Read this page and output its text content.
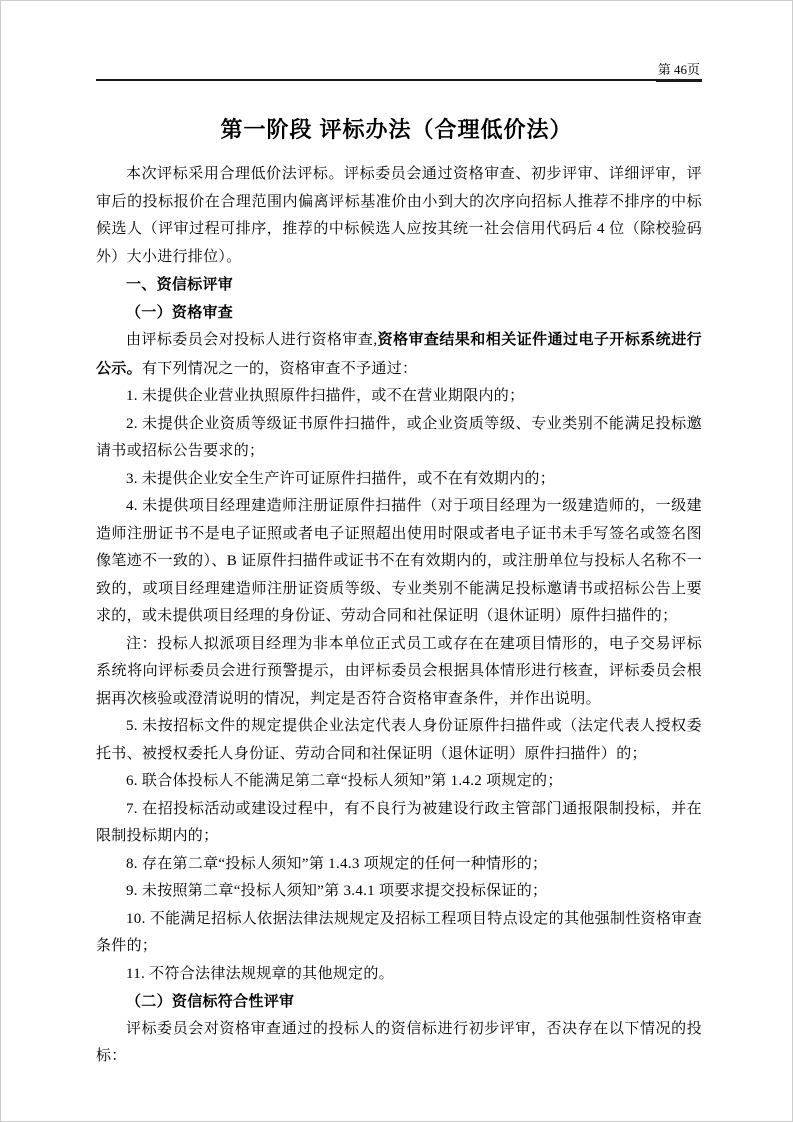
第 46页
第一阶段 评标办法（合理低价法）

本次评标采用合理低价法评标。评标委员会通过资格审查、初步评审、详细评审，评审后的投标报价在合理范围内偏离评标基准价由小到大的次序向招标人推荐不排序的中标候选人（评审过程可排序，推荐的中标候选人应按其统一社会信用代码后 4 位（除校验码外）大小进行排位）。

一、资信标评审

（一）资格审查

由评标委员会对投标人进行资格审查,资格审查结果和相关证件通过电子开标系统进行公示。有下列情况之一的，资格审查不予通过：

1. 未提供企业营业执照原件扫描件，或不在营业期限内的；

2. 未提供企业资质等级证书原件扫描件，或企业资质等级、专业类别不能满足投标邀请书或招标公告要求的；

3. 未提供企业安全生产许可证原件扫描件，或不在有效期内的；

4. 未提供项目经理建造师注册证原件扫描件（对于项目经理为一级建造师的，一级建造师注册证书不是电子证照或者电子证照超出使用时限或者电子证书未手写签名或签名图像笔迹不一致的）、B 证原件扫描件或证书不在有效期内的，或注册单位与投标人名称不一致的，或项目经理建造师注册证资质等级、专业类别不能满足投标邀请书或招标公告上要求的，或未提供项目经理的身份证、劳动合同和社保证明（退休证明）原件扫描件的；

注：投标人拟派项目经理为非本单位正式员工或存在在建项目情形的，电子交易评标系统将向评标委员会进行预警提示，由评标委员会根据具体情形进行核查，评标委员会根据再次核验或澄清说明的情况，判定是否符合资格审查条件，并作出说明。

5. 未按招标文件的规定提供企业法定代表人身份证原件扫描件或（法定代表人授权委托书、被授权委托人身份证、劳动合同和社保证明（退休证明）原件扫描件）的；

6. 联合体投标人不能满足第二章“投标人须知”第 1.4.2 项规定的；

7. 在招投标活动或建设过程中，有不良行为被建设行政主管部门通报限制投标，并在限制投标期内的；

8. 存在第二章“投标人须知”第 1.4.3 项规定的任何一种情形的；

9. 未按照第二章“投标人须知”第 3.4.1 项要求提交投标保证的；

10. 不能满足招标人依据法律法规规定及招标工程项目特点设定的其他强制性资格审查条件的；

11. 不符合法律法规规章的其他规定的。

（二）资信标符合性评审

评标委员会对资格审查通过的投标人的资信标进行初步评审，否决存在以下情况的投标：
